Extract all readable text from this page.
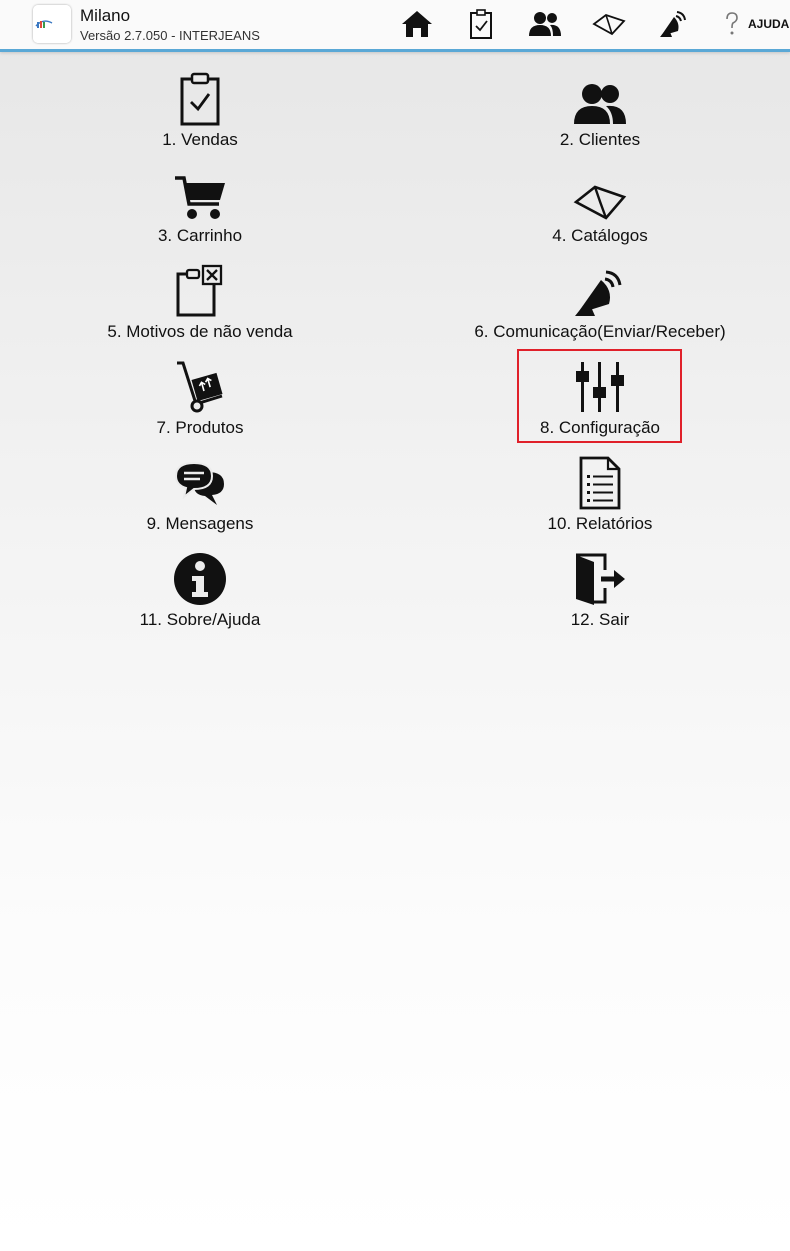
Milano
Versão 2.7.050 - INTERJEANS
AJUDA
1. Vendas	2. Clientes
3. Carrinho	4. Catálogos
5. Motivos de não venda	6. Comunicação(Enviar/Receber)
7. Produtos	8. Configuração
9. Mensagens	10. Relatórios
11. Sobre/Ajuda	12. Sair
